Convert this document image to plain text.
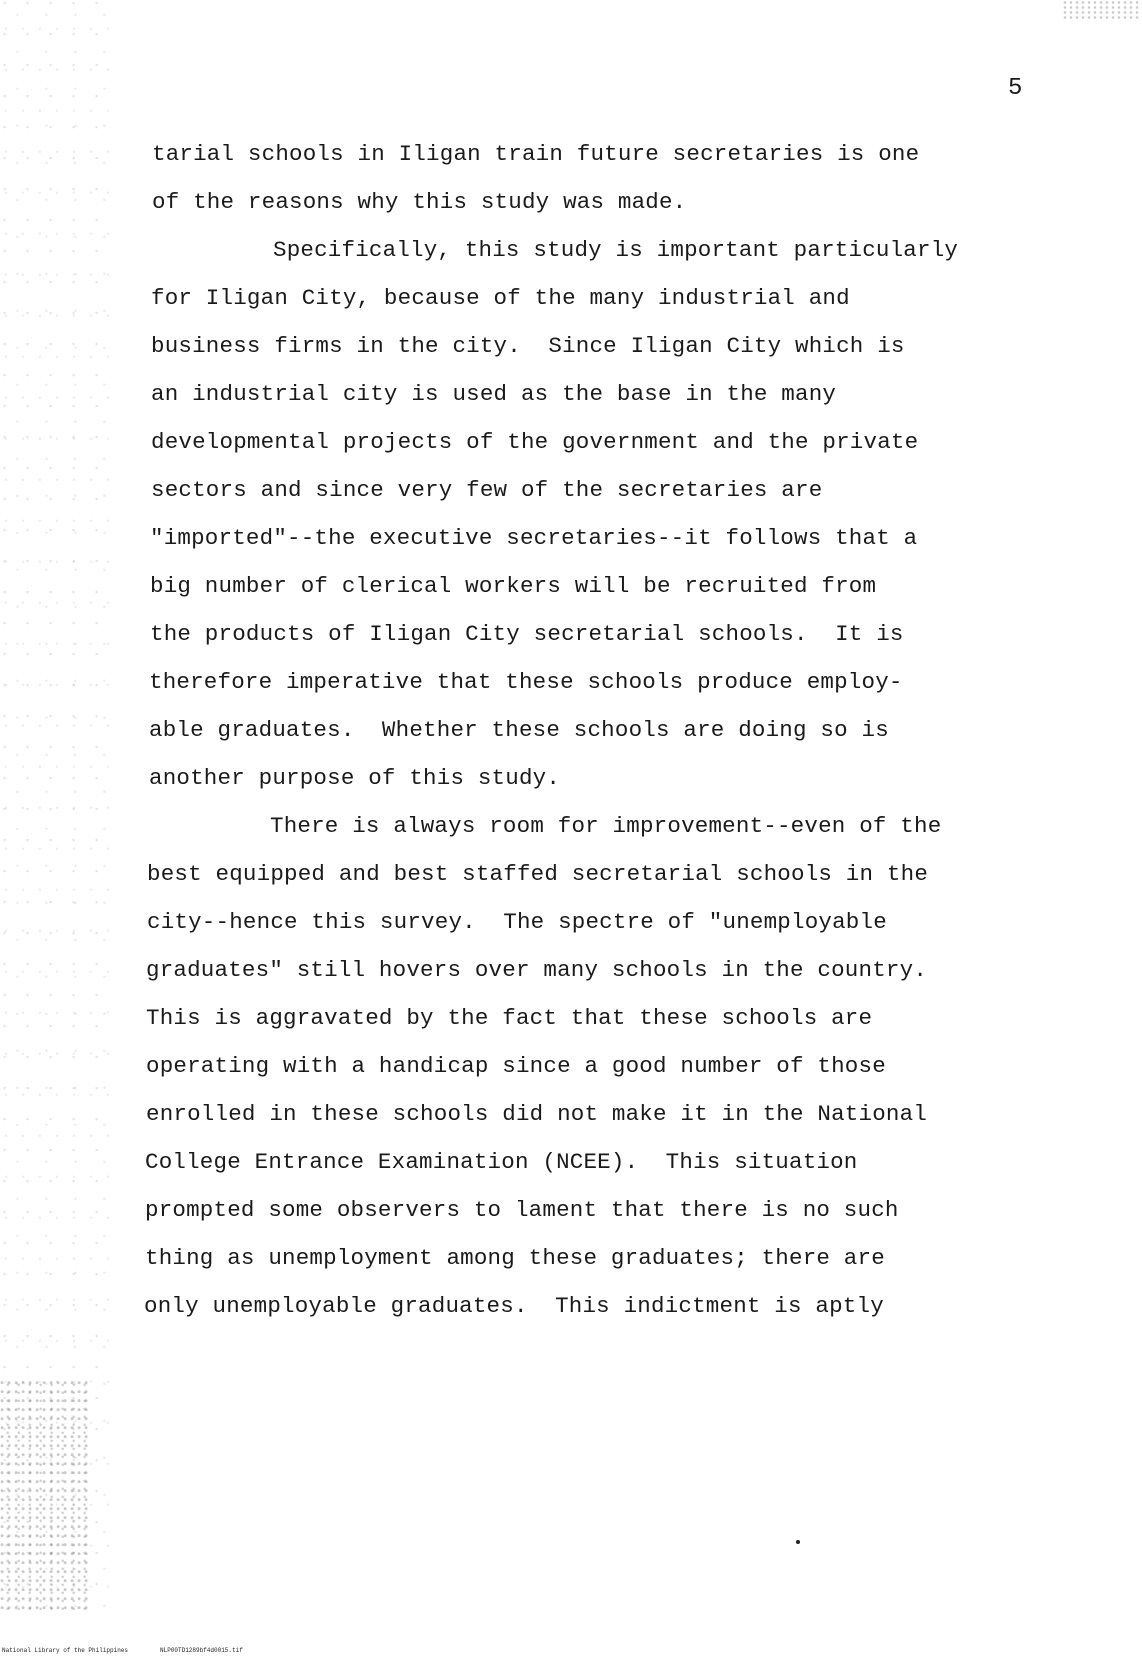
5

tarial schools in Iligan train future secretaries is one

of the reasons why this study was made.

Specifically, this study is important particularly

for Iligan City, because of the many industrial and

business firms in the city.  Since Iligan City which is

an industrial city is used as the base in the many

developmental projects of the government and the private

sectors and since very few of the secretaries are

"imported"--the executive secretaries--it follows that a

big number of clerical workers will be recruited from

the products of Iligan City secretarial schools.  It is

therefore imperative that these schools produce employ-

able graduates.  Whether these schools are doing so is

another purpose of this study.

There is always room for improvement--even of the

best equipped and best staffed secretarial schools in the

city--hence this survey.  The spectre of "unemployable

graduates" still hovers over many schools in the country.

This is aggravated by the fact that these schools are

operating with a handicap since a good number of those

enrolled in these schools did not make it in the National

College Entrance Examination (NCEE).  This situation

prompted some observers to lament that there is no such

thing as unemployment among these graduates; there are

only unemployable graduates.  This indictment is aptly

National Library of the Philippines	NLP00TD1289bf4d0015.tif
